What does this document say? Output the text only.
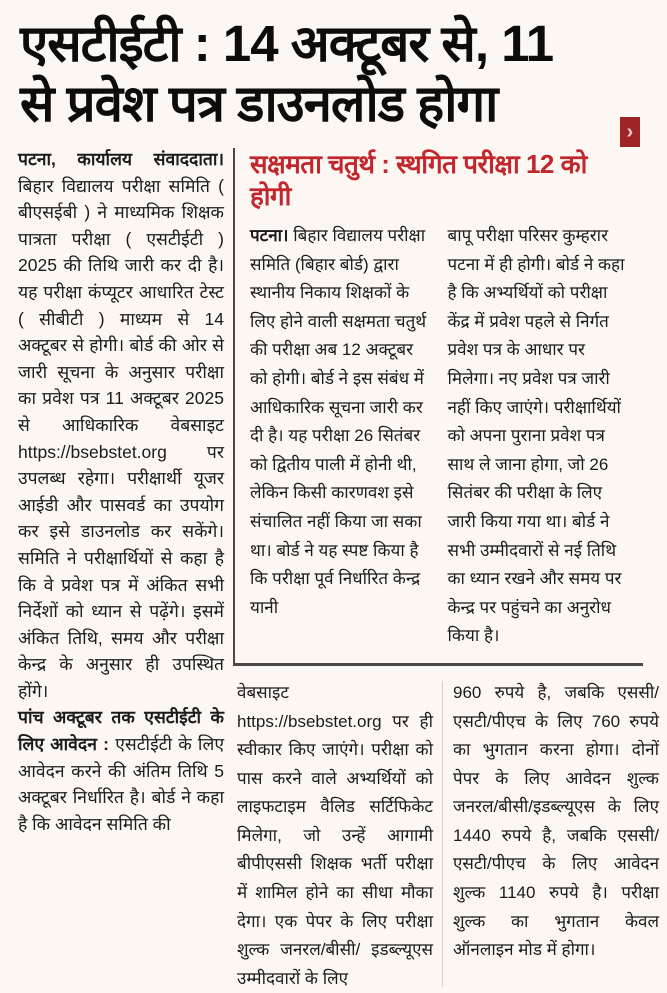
एसटीईटी : 14 अक्टूबर से, 11
से प्रवेश पत्र डाउनलोड होगा	›

पटना, कार्यालय संवाददाता। बिहार विद्यालय परीक्षा समिति ( बीएसईबी ) ने माध्यमिक शिक्षक पात्रता परीक्षा ( एसटीईटी ) 2025 की तिथि जारी कर दी है। यह परीक्षा कंप्यूटर आधारित टेस्ट ( सीबीटी ) माध्यम से 14 अक्टूबर से होगी। बोर्ड की ओर से जारी सूचना के अनुसार परीक्षा का प्रवेश पत्र 11 अक्टूबर 2025 से आधिकारिक वेबसाइट https://bsebstet.org पर उपलब्ध रहेगा। परीक्षार्थी यूजर आईडी और पासवर्ड का उपयोग कर इसे डाउनलोड कर सकेंगे। समिति ने परीक्षार्थियों से कहा है कि वे प्रवेश पत्र में अंकित सभी निर्देशों को ध्यान से पढ़ेंगे। इसमें अंकित तिथि, समय और परीक्षा केन्द्र के अनुसार ही उपस्थित होंगे।

पांच अक्टूबर तक एसटीईटी के लिए आवेदन : एसटीईटी के लिए आवेदन करने की अंतिम तिथि 5 अक्टूबर निर्धारित है। बोर्ड ने कहा है कि आवेदन समिति की

सक्षमता चतुर्थ : स्थगित परीक्षा 12 को होगी
पटना। बिहार विद्यालय परीक्षा समिति (बिहार बोर्ड) द्वारा स्थानीय निकाय शिक्षकों के लिए होने वाली सक्षमता चतुर्थ की परीक्षा अब 12 अक्टूबर को होगी। बोर्ड ने इस संबंध में आधिकारिक सूचना जारी कर दी है। यह परीक्षा 26 सितंबर को द्वितीय पाली में होनी थी, लेकिन किसी कारणवश इसे संचालित नहीं किया जा सका था। बोर्ड ने यह स्पष्ट किया है कि परीक्षा पूर्व निर्धारित केन्द्र यानी
बापू परीक्षा परिसर कुम्हरार पटना में ही होगी। बोर्ड ने कहा है कि अभ्यर्थियों को परीक्षा केंद्र में प्रवेश पहले से निर्गत प्रवेश पत्र के आधार पर मिलेगा। नए प्रवेश पत्र जारी नहीं किए जाएंगे। परीक्षार्थियों को अपना पुराना प्रवेश पत्र साथ ले जाना होगा, जो 26 सितंबर की परीक्षा के लिए जारी किया गया था। बोर्ड ने सभी उम्मीदवारों से नई तिथि का ध्यान रखने और समय पर केन्द्र पर पहुंचने का अनुरोध किया है।
वेबसाइट https://bsebstet.org पर ही स्वीकार किए जाएंगे। परीक्षा को पास करने वाले अभ्यर्थियों को लाइफटाइम वैलिड सर्टिफिकेट मिलेगा, जो उन्हें आगामी बीपीएससी शिक्षक भर्ती परीक्षा में शामिल होने का सीधा मौका देगा। एक पेपर के लिए परीक्षा शुल्क जनरल/बीसी/ इडब्ल्यूएस उम्मीदवारों के लिए
960 रुपये है, जबकि एससी/एसटी/पीएच के लिए 760 रुपये का भुगतान करना होगा। दोनों पेपर के लिए आवेदन शुल्क जनरल/बीसी/इडब्ल्यूएस के लिए 1440 रुपये है, जबकि एससी/एसटी/पीएच के लिए आवेदन शुल्क 1140 रुपये है। परीक्षा शुल्क का भुगतान केवल ऑनलाइन मोड में होगा।
